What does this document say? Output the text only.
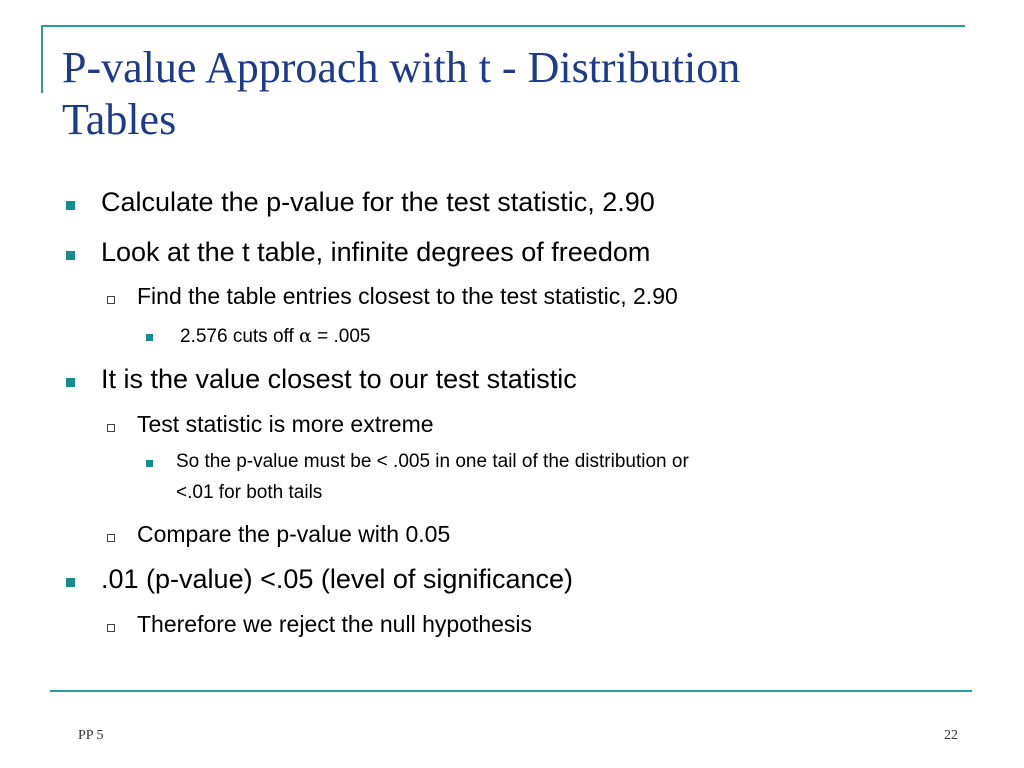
P-value Approach with t - Distribution
Tables
Calculate the p-value for the test statistic, 2.90
Look at the t table, infinite degrees of freedom
Find the table entries closest to the test statistic, 2.90
2.576 cuts off α = .005
It is the value closest to our test statistic
Test statistic is more extreme
So the p-value must be < .005 in one tail of the distribution or
<.01 for both tails
Compare the p-value with 0.05
.01 (p-value) <.05 (level of significance)
Therefore we reject the null hypothesis
PP 5	22
